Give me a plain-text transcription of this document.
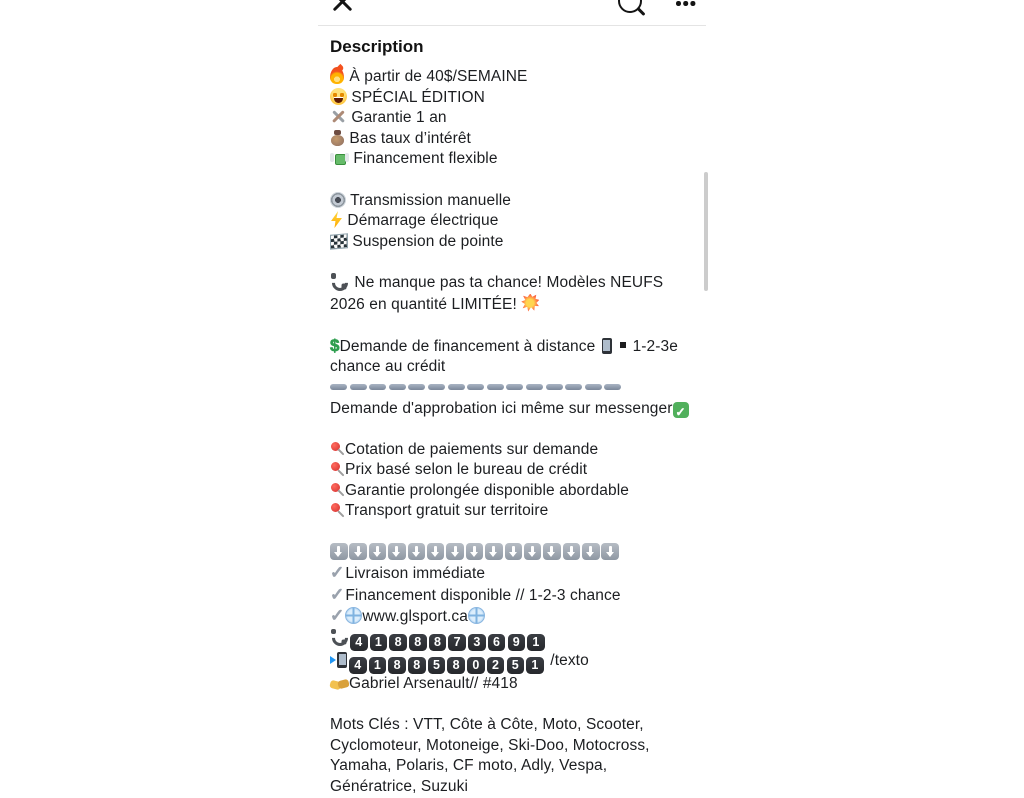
Description
À partir de 40$/SEMAINE
SPÉCIAL ÉDITION
Garantie 1 an
Bas taux d’intérêt
Financement flexible

Transmission manuelle
Démarrage électrique
Suspension de pointe

Ne manque pas ta chance! Modèles NEUFS 2026 en quantité LIMITÉE!

$Demande de financement à distance   1-2-3e chance au crédit
Demande d'approbation ici même sur messenger✓

Cotation de paiements sur demande
Prix basé selon le bureau de crédit
Garantie prolongée disponible abordable
Transport gratuit sur territoire

✓Livraison immédiate
✓Financement disponible // 1-2-3 chance
✓www.glsport.ca
4 1 8 8 8 7 3 6 9 1
4 1 8 8 5 8 0 2 5 1 /texto
Gabriel Arsenault// #418

Mots Clés : VTT, Côte à Côte, Moto, Scooter, Cyclomoteur, Motoneige, Ski-Doo, Motocross, Yamaha, Polaris, CF moto, Adly, Vespa, Génératrice, Suzuki
